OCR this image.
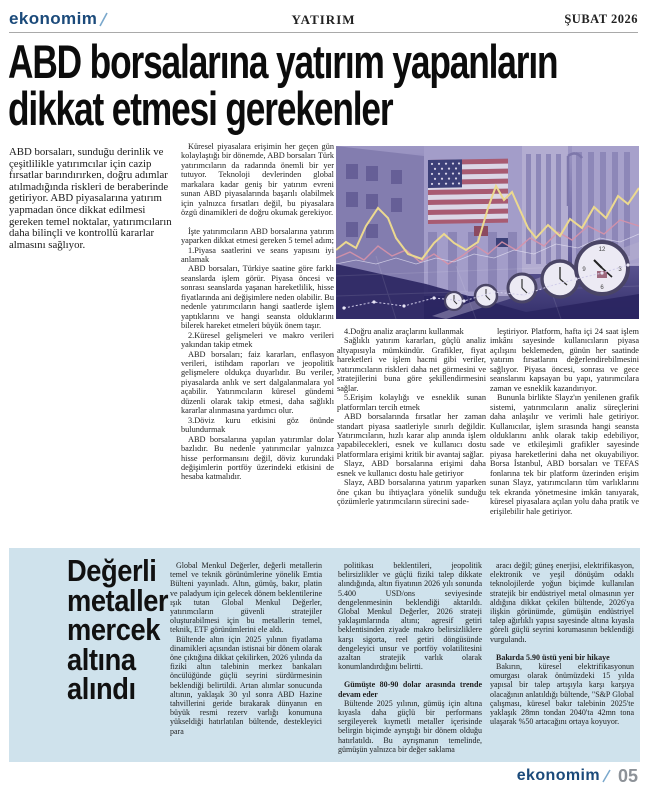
ekonomim	YATIRIM	ŞUBAT 2026
ABD borsalarına yatırım yapanların
dikkat etmesi gerekenler
ABD borsaları, sunduğu derinlik ve çeşitlilikle yatırımcılar için cazip fırsatlar barındırırken, doğru adımlar atılmadığında riskleri de beraberinde getiriyor. ABD piyasalarına yatırım yapmadan önce dikkat edilmesi gereken temel noktalar, yatırımcıların daha bilinçli ve kontrollü kararlar almasını sağlıyor.

Küresel piyasalara erişimin her geçen gün kolaylaştığı bir dönemde, ABD borsaları Türk yatırımcıların da radarında önemli bir yer tutuyor. Teknoloji devlerinden global markalara kadar geniş bir yatırım evreni sunan ABD piyasalarında başarılı olabilmek için yalnızca fırsatları değil, bu piyasalara özgü dinamikleri de doğru okumak gerekiyor.

İşte yatırımcıların ABD borsalarına yatırım yaparken dikkat etmesi gereken 5 temel adım;

1.Piyasa saatlerini ve seans yapısını iyi anlamak

ABD borsaları, Türkiye saatine göre farklı seanslarda işlem görür. Piyasa öncesi ve sonrası seanslarda yaşanan hareketlilik, hisse fiyatlarında ani değişimlere neden olabilir. Bu nedenle yatırımcıların hangi saatlerde işlem yaptıklarını ve hangi seansta olduklarını bilerek hareket etmeleri büyük önem taşır.

2.Küresel gelişmeleri ve makro verileri yakından takip etmek

ABD borsaları; faiz kararları, enflasyon verileri, istihdam raporları ve jeopolitik gelişmelere oldukça duyarlıdır. Bu veriler, piyasalarda anlık ve sert dalgalanmalara yol açabilir. Yatırımcıların küresel gündemi düzenli olarak takip etmesi, daha sağlıklı kararlar alınmasına yardımcı olur.

3.Döviz kuru etkisini göz önünde bulundurmak

ABD borsalarına yapılan yatırımlar dolar bazlıdır. Bu nedenle yatırımcılar yalnızca hisse performansını değil, döviz kurundaki değişimlerin portföy üzerindeki etkisini de hesaba katmalıdır.

12
3
6
9

4.Doğru analiz araçlarını kullanmak

Sağlıklı yatırım kararları, güçlü analiz altyapısıyla mümkündür. Grafikler, fiyat hareketleri ve işlem hacmi gibi veriler, yatırımcıların riskleri daha net görmesini ve stratejilerini buna göre şekillendirmesini sağlar.

5.Erişim kolaylığı ve esneklik sunan platformları tercih etmek

ABD borsalarında fırsatlar her zaman standart piyasa saatleriyle sınırlı değildir. Yatırımcıların, hızlı karar alıp anında işlem yapabilecekleri, esnek ve kullanıcı dostu platformlara erişimi kritik bir avantaj sağlar.

Slayz, ABD borsalarına erişimi daha esnek ve kullanıcı dostu hale getiriyor

Slayz, ABD borsalarına yatırım yaparken öne çıkan bu ihtiyaçlara yönelik sunduğu çözümlerle yatırımcıların sürecini sade-

leştiriyor. Platform, hafta içi 24 saat işlem imkânı sayesinde kullanıcıların piyasa açılışını beklemeden, günün her saatinde yatırım fırsatlarını değerlendirebilmesini sağlıyor. Piyasa öncesi, sonrası ve gece seanslarını kapsayan bu yapı, yatırımcılara zaman ve esneklik kazandırıyor.

Bununla birlikte Slayz'ın yenilenen grafik sistemi, yatırımcıların analiz süreçlerini daha anlaşılır ve verimli hale getiriyor. Kullanıcılar, işlem sırasında hangi seansta olduklarını anlık olarak takip edebiliyor, sade ve etkileşimli grafikler sayesinde piyasa hareketlerini daha net okuyabiliyor. Borsa İstanbul, ABD borsaları ve TEFAS fonlarına tek bir platform üzerinden erişim sunan Slayz, yatırımcıların tüm varlıklarını tek ekranda yönetmesine imkân tanıyarak, küresel piyasalara açılan yolu daha pratik ve erişilebilir hale getiriyor.

Değerli
metaller
mercek
altına
alındı

Global Menkul Değerler, değerli metallerin temel ve teknik görünümlerine yönelik Emtia Bülteni yayınladı. Altın, gümüş, bakır, platin ve paladyum için gelecek dönem beklentilerine ışık tutan Global Menkul Değerler, yatırımcıların güvenli stratejiler oluşturabilmesi için bu metallerin temel, teknik, ETF görünümlerini ele aldı.

Bültende altın için 2025 yılının fiyatlama dinamikleri açısından istisnai bir dönem olarak öne çıktığına dikkat çekilirken, 2026 yılında da fiziki altın talebinin merkez bankaları öncülüğünde güçlü seyrini sürdürmesinin beklendiği belirtildi. Artan alımlar sonucunda altının, yaklaşık 30 yıl sonra ABD Hazine tahvillerini geride bırakarak dünyanın en büyük resmi rezerv varlığı konumuna yükseldiği hatırlatılan bültende, destekleyici para

politikası beklentileri, jeopolitik belirsizlikler ve güçlü fiziki talep dikkate alındığında, altın fiyatının 2026 yılı sonunda 5.400 USD/ons seviyesinde dengelenmesinin beklendiği aktarıldı. Global Menkul Değerler, 2026 strateji yaklaşımlarında altını; agresif getiri beklentisinden ziyade makro belirsizliklere karşı sigorta, reel getiri döngüsünde dengeleyici unsur ve portföy volatilitesini azaltan stratejik varlık olarak konumlandırdığını belirtti.

Gümüşte 80-90 dolar arasında trende devam eder

Bültende 2025 yılının, gümüş için altına kıyasla daha güçlü bir performans sergileyerek kıymetli metaller içerisinde belirgin biçimde ayrıştığı bir dönem olduğu hatırlatıldı. Bu ayrışmanın temelinde, gümüşün yalnızca bir değer saklama

aracı değil; güneş enerjisi, elektrifikasyon, elektronik ve yeşil dönüşüm odaklı teknolojilerde yoğun biçimde kullanılan stratejik bir endüstriyel metal olmasının yer aldığına dikkat çekilen bültende, 2026'ya ilişkin görünümde, gümüşün endüstriyel talep ağırlıklı yapısı sayesinde altına kıyasla göreli güçlü seyrini korumasının beklendiği vurgulandı.

Bakırda 5.90 üstü yeni bir hikaye

Bakırın, küresel elektrifikasyonun omurgası olarak önümüzdeki 15 yılda yapısal bir talep artışıyla karşı karşıya olacağının anlatıldığı bültende, "S&P Global çalışması, küresel bakır talebinin 2025'te yaklaşık 28mn tondan 2040'ta 42mn tona ulaşarak %50 artacağını ortaya koyuyor.

ekonomim 05
